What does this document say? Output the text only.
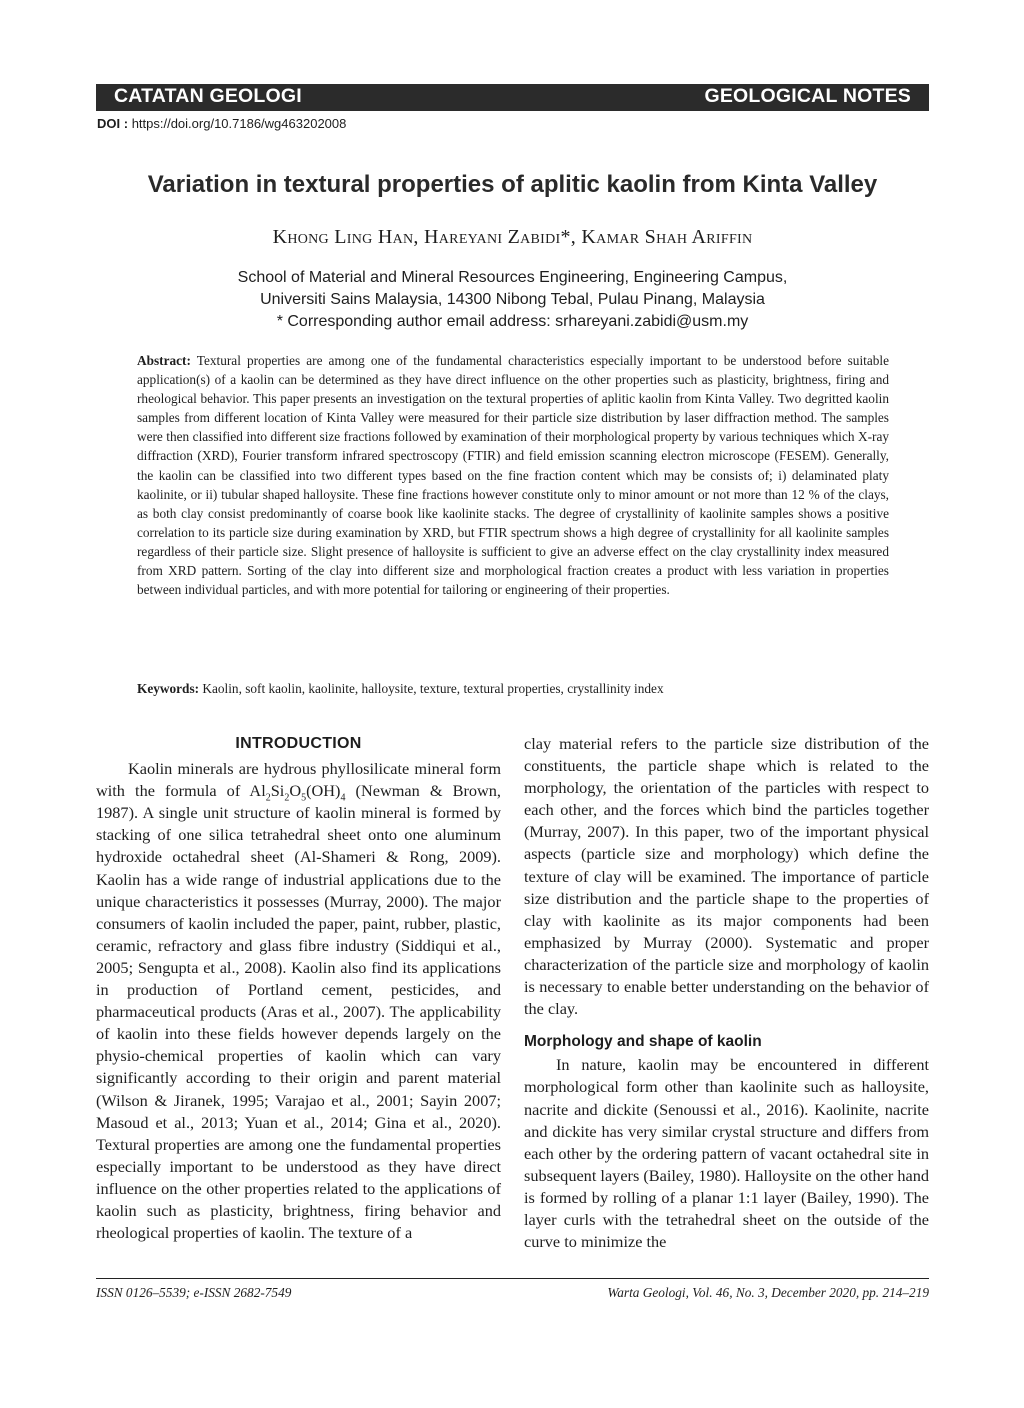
CATATAN GEOLOGI	GEOLOGICAL NOTES
DOI : https://doi.org/10.7186/wg463202008
Variation in textural properties of aplitic kaolin from Kinta Valley
Khong Ling Han, Hareyani Zabidi*, Kamar Shah Ariffin
School of Material and Mineral Resources Engineering, Engineering Campus,
Universiti Sains Malaysia, 14300 Nibong Tebal, Pulau Pinang, Malaysia
* Corresponding author email address: srhareyani.zabidi@usm.my
Abstract: Textural properties are among one of the fundamental characteristics especially important to be understood before suitable application(s) of a kaolin can be determined as they have direct influence on the other properties such as plasticity, brightness, firing and rheological behavior. This paper presents an investigation on the textural properties of aplitic kaolin from Kinta Valley. Two degritted kaolin samples from different location of Kinta Valley were measured for their particle size distribution by laser diffraction method. The samples were then classified into different size fractions followed by examination of their morphological property by various techniques which X-ray diffraction (XRD), Fourier transform infrared spectroscopy (FTIR) and field emission scanning electron microscope (FESEM). Generally, the kaolin can be classified into two different types based on the fine fraction content which may be consists of; i) delaminated platy kaolinite, or ii) tubular shaped halloysite. These fine fractions however constitute only to minor amount or not more than 12 % of the clays, as both clay consist predominantly of coarse book like kaolinite stacks. The degree of crystallinity of kaolinite samples shows a positive correlation to its particle size during examination by XRD, but FTIR spectrum shows a high degree of crystallinity for all kaolinite samples regardless of their particle size. Slight presence of halloysite is sufficient to give an adverse effect on the clay crystallinity index measured from XRD pattern. Sorting of the clay into different size and morphological fraction creates a product with less variation in properties between individual particles, and with more potential for tailoring or engineering of their properties.
Keywords: Kaolin, soft kaolin, kaolinite, halloysite, texture, textural properties, crystallinity index
INTRODUCTION

Kaolin minerals are hydrous phyllosilicate mineral form with the formula of $Al_2Si_2O_5(OH)_4$ (Newman & Brown, 1987). A single unit structure of kaolin mineral is formed by stacking of one silica tetrahedral sheet onto one aluminum hydroxide octahedral sheet (Al-Shameri & Rong, 2009). Kaolin has a wide range of industrial applications due to the unique characteristics it possesses (Murray, 2000). The major consumers of kaolin included the paper, paint, rubber, plastic, ceramic, refractory and glass fibre industry (Siddiqui et al., 2005; Sengupta et al., 2008). Kaolin also find its applications in production of Portland cement, pesticides, and pharmaceutical products (Aras et al., 2007). The applicability of kaolin into these fields however depends largely on the physio-chemical properties of kaolin which can vary significantly according to their origin and parent material (Wilson & Jiranek, 1995; Varajao et al., 2001; Sayin 2007; Masoud et al., 2013; Yuan et al., 2014; Gina et al., 2020). Textural properties are among one the fundamental properties especially important to be understood as they have direct influence on the other properties related to the applications of kaolin such as plasticity, brightness, firing behavior and rheological properties of kaolin. The texture of a

clay material refers to the particle size distribution of the constituents, the particle shape which is related to the morphology, the orientation of the particles with respect to each other, and the forces which bind the particles together (Murray, 2007). In this paper, two of the important physical aspects (particle size and morphology) which define the texture of clay will be examined. The importance of particle size distribution and the particle shape to the properties of clay with kaolinite as its major components had been emphasized by Murray (2000). Systematic and proper characterization of the particle size and morphology of kaolin is necessary to enable better understanding on the behavior of the clay.

Morphology and shape of kaolin

In nature, kaolin may be encountered in different morphological form other than kaolinite such as halloysite, nacrite and dickite (Senoussi et al., 2016). Kaolinite, nacrite and dickite has very similar crystal structure and differs from each other by the ordering pattern of vacant octahedral site in subsequent layers (Bailey, 1980). Halloysite on the other hand is formed by rolling of a planar 1:1 layer (Bailey, 1990). The layer curls with the tetrahedral sheet on the outside of the curve to minimize the

ISSN 0126–5539; e-ISSN 2682-7549	Warta Geologi, Vol. 46, No. 3, December 2020, pp. 214–219
